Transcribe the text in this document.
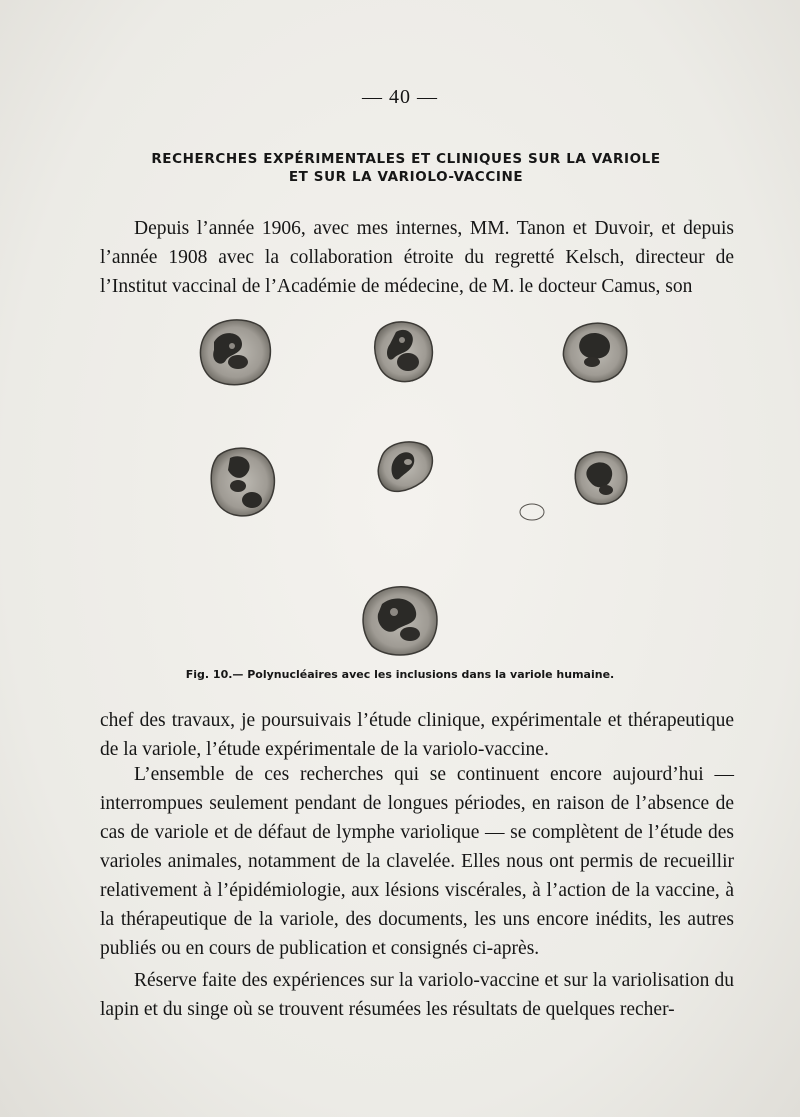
‌ ‌ ‌ ‌ ‌ ‌ ‌ ‌ ‌ ‌ ‌ ‌ ‌ ‌ ‌ ‌ ‌ ‌ ‌ ‌ ‌ ‌ ‌ ‌ ‌ ‌ ‌ ‌ ‌ ‌

— 40 —
RECHERCHES EXPÉRIMENTALES ET CLINIQUES SUR LA VARIOLE
ET SUR LA VARIOLO-VACCINE

Depuis l’année 1906, avec mes internes, MM. Tanon et Duvoir, et depuis l’année 1908 avec la collaboration étroite du regretté Kelsch, directeur de l’Institut vaccinal de l’Académie de médecine, de M. le docteur Camus, son

Fig. 10.— Polynucléaires avec les inclusions dans la variole humaine.

chef des travaux, je poursuivais l’étude clinique, expérimentale et thérapeutique de la variole, l’étude expérimentale de la variolo-vaccine.

L’ensemble de ces recherches qui se continuent encore aujourd’hui — interrompues seulement pendant de longues périodes, en raison de l’absence de cas de variole et de défaut de lymphe variolique — se complètent de l’étude des varioles animales, notamment de la clavelée. Elles nous ont permis de recueillir relativement à l’épidémiologie, aux lésions viscérales, à l’action de la vaccine, à la thérapeutique de la variole, des documents, les uns encore inédits, les autres publiés ou en cours de publication et consignés ci-après.

Réserve faite des expériences sur la variolo-vaccine et sur la variolisation du lapin et du singe où se trouvent résumées les résultats de quelques recher-
